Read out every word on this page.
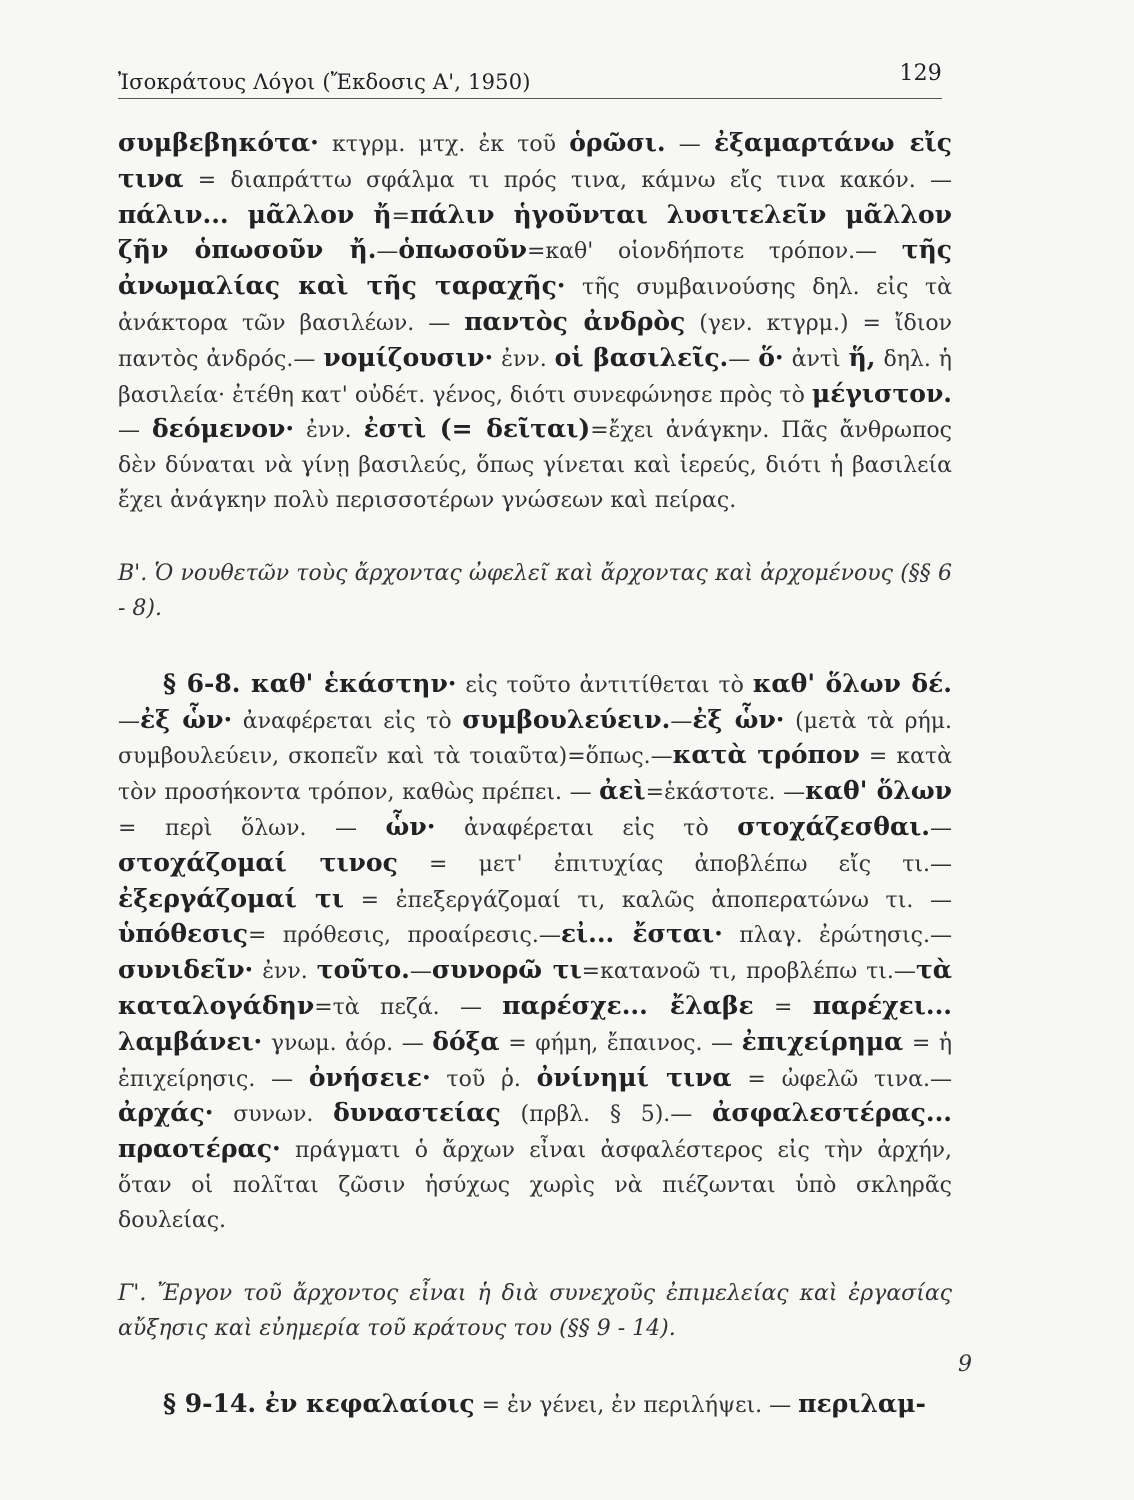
Ἰσοκράτους Λόγοι (Ἔκδοσις Α', 1950)	129

συμβεβηκότα· κτγρμ. μτχ. ἐκ τοῦ ὁρῶσι. — ἐξαμαρτάνω εἴς τινα = διαπράττω σφάλμα τι πρός τινα, κάμνω εἴς τινα κακόν. — πάλιν... μᾶλλον ἤ=πάλιν ἡγοῦνται λυσιτελεῖν μᾶλλον ζῆν ὁπωσοῦν ἤ.—ὁπωσοῦν=καθ' οἱονδήποτε τρόπον.— τῆς ἀνωμαλίας καὶ τῆς ταραχῆς· τῆς συμβαινούσης δηλ. εἰς τὰ ἀνάκτορα τῶν βασιλέων. — παντὸς ἀνδρὸς (γεν. κτγρμ.) = ἴδιον παντὸς ἀνδρός.— νομίζουσιν· ἐνν. οἱ βασιλεῖς.— ὅ· ἀντὶ ἥ, δηλ. ἡ βασιλεία· ἐτέθη κατ' οὐδέτ. γένος, διότι συνεφώνησε πρὸς τὸ μέγιστον.— δεόμενον· ἐνν. ἐστὶ (= δεῖται)=ἔχει ἀνάγκην. Πᾶς ἄνθρωπος δὲν δύναται νὰ γίνῃ βασιλεύς, ὅπως γίνεται καὶ ἱερεύς, διότι ἡ βασιλεία ἔχει ἀνάγκην πολὺ περισσοτέρων γνώσεων καὶ πείρας.

Β'. Ὁ νουθετῶν τοὺς ἄρχοντας ὠφελεῖ καὶ ἄρχοντας καὶ ἀρχομένους (§§ 6 - 8).

§ 6-8. καθ' ἑκάστην· εἰς τοῦτο ἀντιτίθεται τὸ καθ' ὅλων δέ.—ἐξ ὧν· ἀναφέρεται εἰς τὸ συμβουλεύειν.—ἐξ ὧν· (μετὰ τὰ ρήμ. συμβουλεύειν, σκοπεῖν καὶ τὰ τοιαῦτα)=ὅπως.—κατὰ τρόπον = κατὰ τὸν προσήκοντα τρόπον, καθὼς πρέπει. — ἀεὶ=ἑκάστοτε. —καθ' ὅλων = περὶ ὅλων. — ὧν· ἀναφέρεται εἰς τὸ στοχάζεσθαι.— στοχάζομαί τινος = μετ' ἐπιτυχίας ἀποβλέπω εἴς τι.— ἐξεργάζομαί τι = ἐπεξεργάζομαί τι, καλῶς ἀποπερατώνω τι. — ὑπόθεσις= πρόθεσις, προαίρεσις.—εἰ... ἔσται· πλαγ. ἐρώτησις.— συνιδεῖν· ἐνν. τοῦτο.—συνορῶ τι=κατανοῶ τι, προβλέπω τι.—τὰ καταλογάδην=τὰ πεζά. — παρέσχε... ἔλαβε = παρέχει... λαμβάνει· γνωμ. ἀόρ. — δόξα = φήμη, ἔπαινος. — ἐπιχείρημα = ἡ ἐπιχείρησις. — ὀνήσειε· τοῦ ῥ. ὀνίνημί τινα = ὠφελῶ τινα.— ἀρχάς· συνων. δυναστείας (πρβλ. § 5).— ἀσφαλεστέρας... πραοτέρας· πράγματι ὁ ἄρχων εἶναι ἀσφαλέστερος εἰς τὴν ἀρχήν, ὅταν οἱ πολῖται ζῶσιν ἡσύχως χωρὶς νὰ πιέζωνται ὑπὸ σκληρᾶς δουλείας.

Γ'. Ἔργον τοῦ ἄρχοντος εἶναι ἡ διὰ συνεχοῦς ἐπιμελείας καὶ ἐργασίας αὔξησις καὶ εὐημερία τοῦ κράτους του (§§ 9 - 14).

§ 9-14. ἐν κεφαλαίοις = ἐν γένει, ἐν περιλήψει. — περιλαμ-

9
